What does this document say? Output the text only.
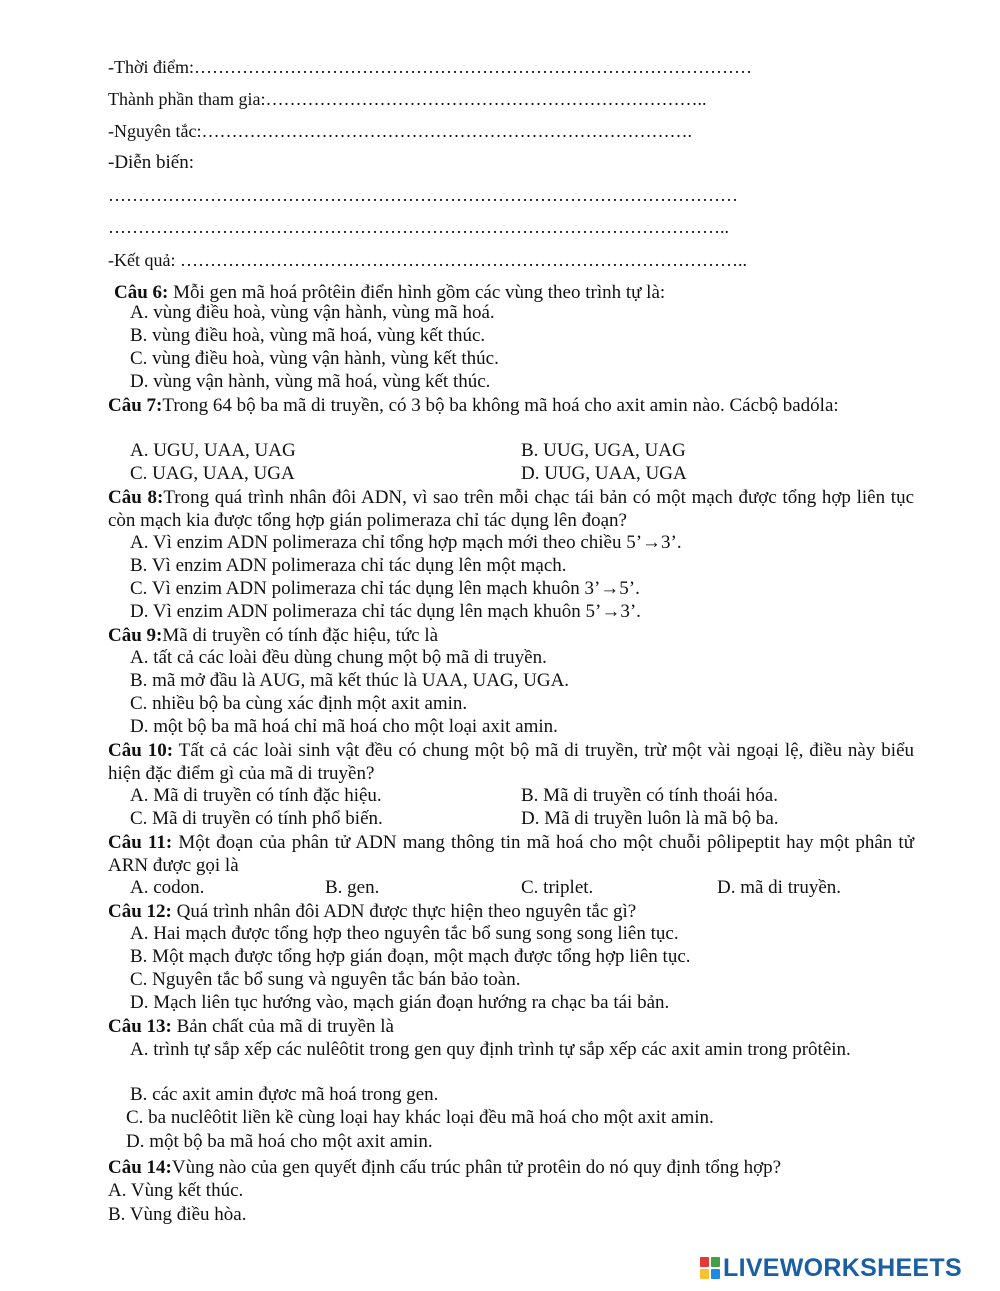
-Thời điểm:…………………………………………………………………………………
Thành phần tham gia:………………………………………………………………..
-Nguyên tắc:……………………………………………………………………….
-Diễn biến:
……………………………………………………………………………………………
…………………………………………………………………………………………..
-Kết quả: …………………………………………………………………………………..
Câu 6: Mỗi gen mã hoá prôtêin điển hình gồm các vùng theo trình tự là:
A. vùng điều hoà, vùng vận hành, vùng mã hoá.
B. vùng điều hoà, vùng mã hoá, vùng kết thúc.
C. vùng điều hoà, vùng vận hành, vùng kết thúc.
D. vùng vận hành, vùng mã hoá, vùng kết thúc.
Câu 7:Trong 64 bộ ba mã di truyền, có 3 bộ ba không mã hoá cho axit amin nào. Cácbộ badóla:
A. UGU, UAA, UAG	B. UUG, UGA, UAG
C. UAG, UAA, UGA	D. UUG, UAA, UGA
Câu 8:Trong quá trình nhân đôi ADN, vì sao trên mỗi chạc tái bản có một mạch được tổng hợp liên tục còn mạch kia được tổng hợp gián polimeraza chỉ tác dụng lên đoạn?
A. Vì enzim ADN polimeraza chỉ tổng hợp mạch mới theo chiều 5’→3’.
B. Vì enzim ADN polimeraza chỉ tác dụng lên một mạch.
C. Vì enzim ADN polimeraza chỉ tác dụng lên mạch khuôn 3’→5’.
D. Vì enzim ADN polimeraza chỉ tác dụng lên mạch khuôn 5’→3’.
Câu 9:Mã di truyền có tính đặc hiệu, tức là
A. tất cả các loài đều dùng chung một bộ mã di truyền.
B. mã mở đầu là AUG, mã kết thúc là UAA, UAG, UGA.
C. nhiều bộ ba cùng xác định một axit amin.
D. một bộ ba mã hoá chỉ mã hoá cho một loại axit amin.
Câu 10: Tất cả các loài sinh vật đều có chung một bộ mã di truyền, trừ một vài ngoại lệ, điều này biểu hiện đặc điểm gì của mã di truyền?
A. Mã di truyền có tính đặc hiệu.	B. Mã di truyền có tính thoái hóa.
C. Mã di truyền có tính phổ biến.	D. Mã di truyền luôn là mã bộ ba.
Câu 11: Một đoạn của phân tử ADN mang thông tin mã hoá cho một chuỗi pôlipeptit hay một phân tử ARN được gọi là
A. codon.	B. gen.	C. triplet.	D. mã di truyền.
Câu 12: Quá trình nhân đôi ADN được thực hiện theo nguyên tắc gì?
A. Hai mạch được tổng hợp theo nguyên tắc bổ sung song song liên tục.
B. Một mạch được tổng hợp gián đoạn, một mạch được tổng hợp liên tục.
C. Nguyên tắc bổ sung và nguyên tắc bán bảo toàn.
D. Mạch liên tục hướng vào, mạch gián đoạn hướng ra chạc ba tái bản.
Câu 13: Bản chất của mã di truyền là
A. trình tự sắp xếp các nulêôtit trong gen quy định trình tự sắp xếp các axit amin trong prôtêin.
B. các axit amin đựơc mã hoá trong gen.
C. ba nuclêôtit liền kề cùng loại hay khác loại đều mã hoá cho một axit amin.
D. một bộ ba mã hoá cho một axit amin.
Câu 14:Vùng nào của gen quyết định cấu trúc phân tử protêin do nó quy định tổng hợp?
A. Vùng kết thúc.
B. Vùng điều hòa.
LIVEWORKSHEETS
